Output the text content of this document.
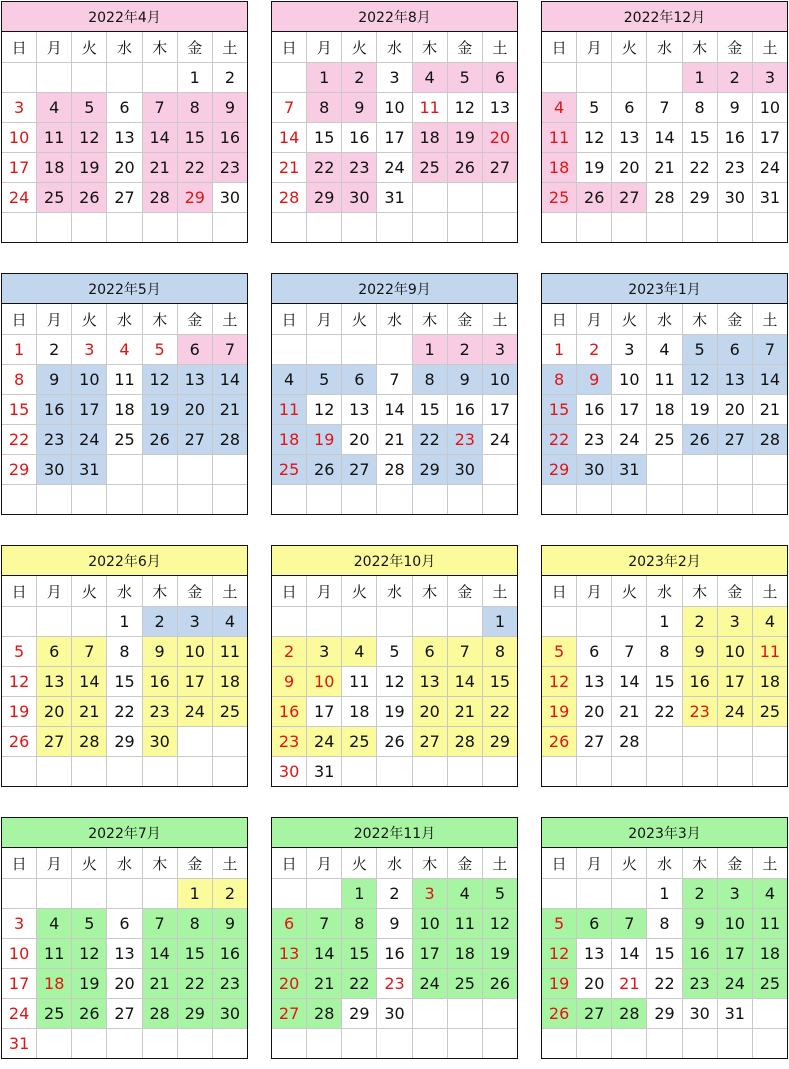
2022年4月						
日	月	火	水	木	金	土
					1	2
3	4	5	6	7	8	9
10	11	12	13	14	15	16
17	18	19	20	21	22	23
24	25	26	27	28	29	30

2022年8月						
日	月	火	水	木	金	土
	1	2	3	4	5	6
7	8	9	10	11	12	13
14	15	16	17	18	19	20
21	22	23	24	25	26	27
28	29	30	31			

2022年12月						
日	月	火	水	木	金	土
				1	2	3
4	5	6	7	8	9	10
11	12	13	14	15	16	17
18	19	20	21	22	23	24
25	26	27	28	29	30	31

2022年5月						
日	月	火	水	木	金	土
1	2	3	4	5	6	7
8	9	10	11	12	13	14
15	16	17	18	19	20	21
22	23	24	25	26	27	28
29	30	31				

2022年9月						
日	月	火	水	木	金	土
				1	2	3
4	5	6	7	8	9	10
11	12	13	14	15	16	17
18	19	20	21	22	23	24
25	26	27	28	29	30	

2023年1月						
日	月	火	水	木	金	土
1	2	3	4	5	6	7
8	9	10	11	12	13	14
15	16	17	18	19	20	21
22	23	24	25	26	27	28
29	30	31				

2022年6月						
日	月	火	水	木	金	土
			1	2	3	4
5	6	7	8	9	10	11
12	13	14	15	16	17	18
19	20	21	22	23	24	25
26	27	28	29	30		

2022年10月						
日	月	火	水	木	金	土
						1
2	3	4	5	6	7	8
9	10	11	12	13	14	15
16	17	18	19	20	21	22
23	24	25	26	27	28	29
30	31					
2023年2月						
日	月	火	水	木	金	土
			1	2	3	4
5	6	7	8	9	10	11
12	13	14	15	16	17	18
19	20	21	22	23	24	25
26	27	28				

2022年7月						
日	月	火	水	木	金	土
					1	2
3	4	5	6	7	8	9
10	11	12	13	14	15	16
17	18	19	20	21	22	23
24	25	26	27	28	29	30
31						
2022年11月						
日	月	火	水	木	金	土
		1	2	3	4	5
6	7	8	9	10	11	12
13	14	15	16	17	18	19
20	21	22	23	24	25	26
27	28	29	30			

2023年3月						
日	月	火	水	木	金	土
			1	2	3	4
5	6	7	8	9	10	11
12	13	14	15	16	17	18
19	20	21	22	23	24	25
26	27	28	29	30	31	
